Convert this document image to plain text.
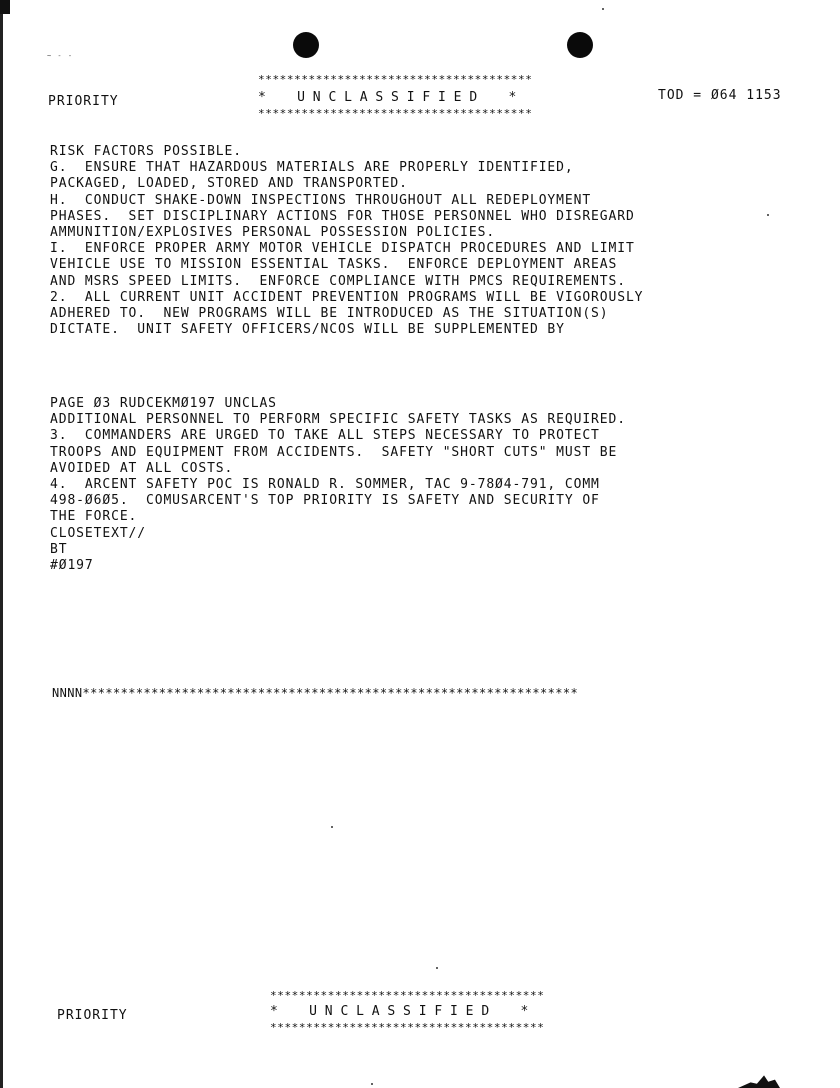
~ - -
**************************************
PRIORITY	*    U N C L A S S I F I E D    *	TOD = Ø64 1153
**************************************
RISK FACTORS POSSIBLE.
G.  ENSURE THAT HAZARDOUS MATERIALS ARE PROPERLY IDENTIFIED,
PACKAGED, LOADED, STORED AND TRANSPORTED.
H.  CONDUCT SHAKE-DOWN INSPECTIONS THROUGHOUT ALL REDEPLOYMENT
PHASES.  SET DISCIPLINARY ACTIONS FOR THOSE PERSONNEL WHO DISREGARD
AMMUNITION/EXPLOSIVES PERSONAL POSSESSION POLICIES.
I.  ENFORCE PROPER ARMY MOTOR VEHICLE DISPATCH PROCEDURES AND LIMIT
VEHICLE USE TO MISSION ESSENTIAL TASKS.  ENFORCE DEPLOYMENT AREAS
AND MSRS SPEED LIMITS.  ENFORCE COMPLIANCE WITH PMCS REQUIREMENTS.
2.  ALL CURRENT UNIT ACCIDENT PREVENTION PROGRAMS WILL BE VIGOROUSLY
ADHERED TO.  NEW PROGRAMS WILL BE INTRODUCED AS THE SITUATION(S)
DICTATE.  UNIT SAFETY OFFICERS/NCOS WILL BE SUPPLEMENTED BY
PAGE Ø3 RUDCEKMØ197 UNCLAS
ADDITIONAL PERSONNEL TO PERFORM SPECIFIC SAFETY TASKS AS REQUIRED.
3.  COMMANDERS ARE URGED TO TAKE ALL STEPS NECESSARY TO PROTECT
TROOPS AND EQUIPMENT FROM ACCIDENTS.  SAFETY "SHORT CUTS" MUST BE
AVOIDED AT ALL COSTS.
4.  ARCENT SAFETY POC IS RONALD R. SOMMER, TAC 9-78Ø4-791, COMM
498-Ø6Ø5.  COMUSARCENT'S TOP PRIORITY IS SAFETY AND SECURITY OF
THE FORCE.
CLOSETEXT//
BT
#Ø197
NNNN*****************************************************************
**************************************
PRIORITY	*    U N C L A S S I F I E D    *
**************************************
